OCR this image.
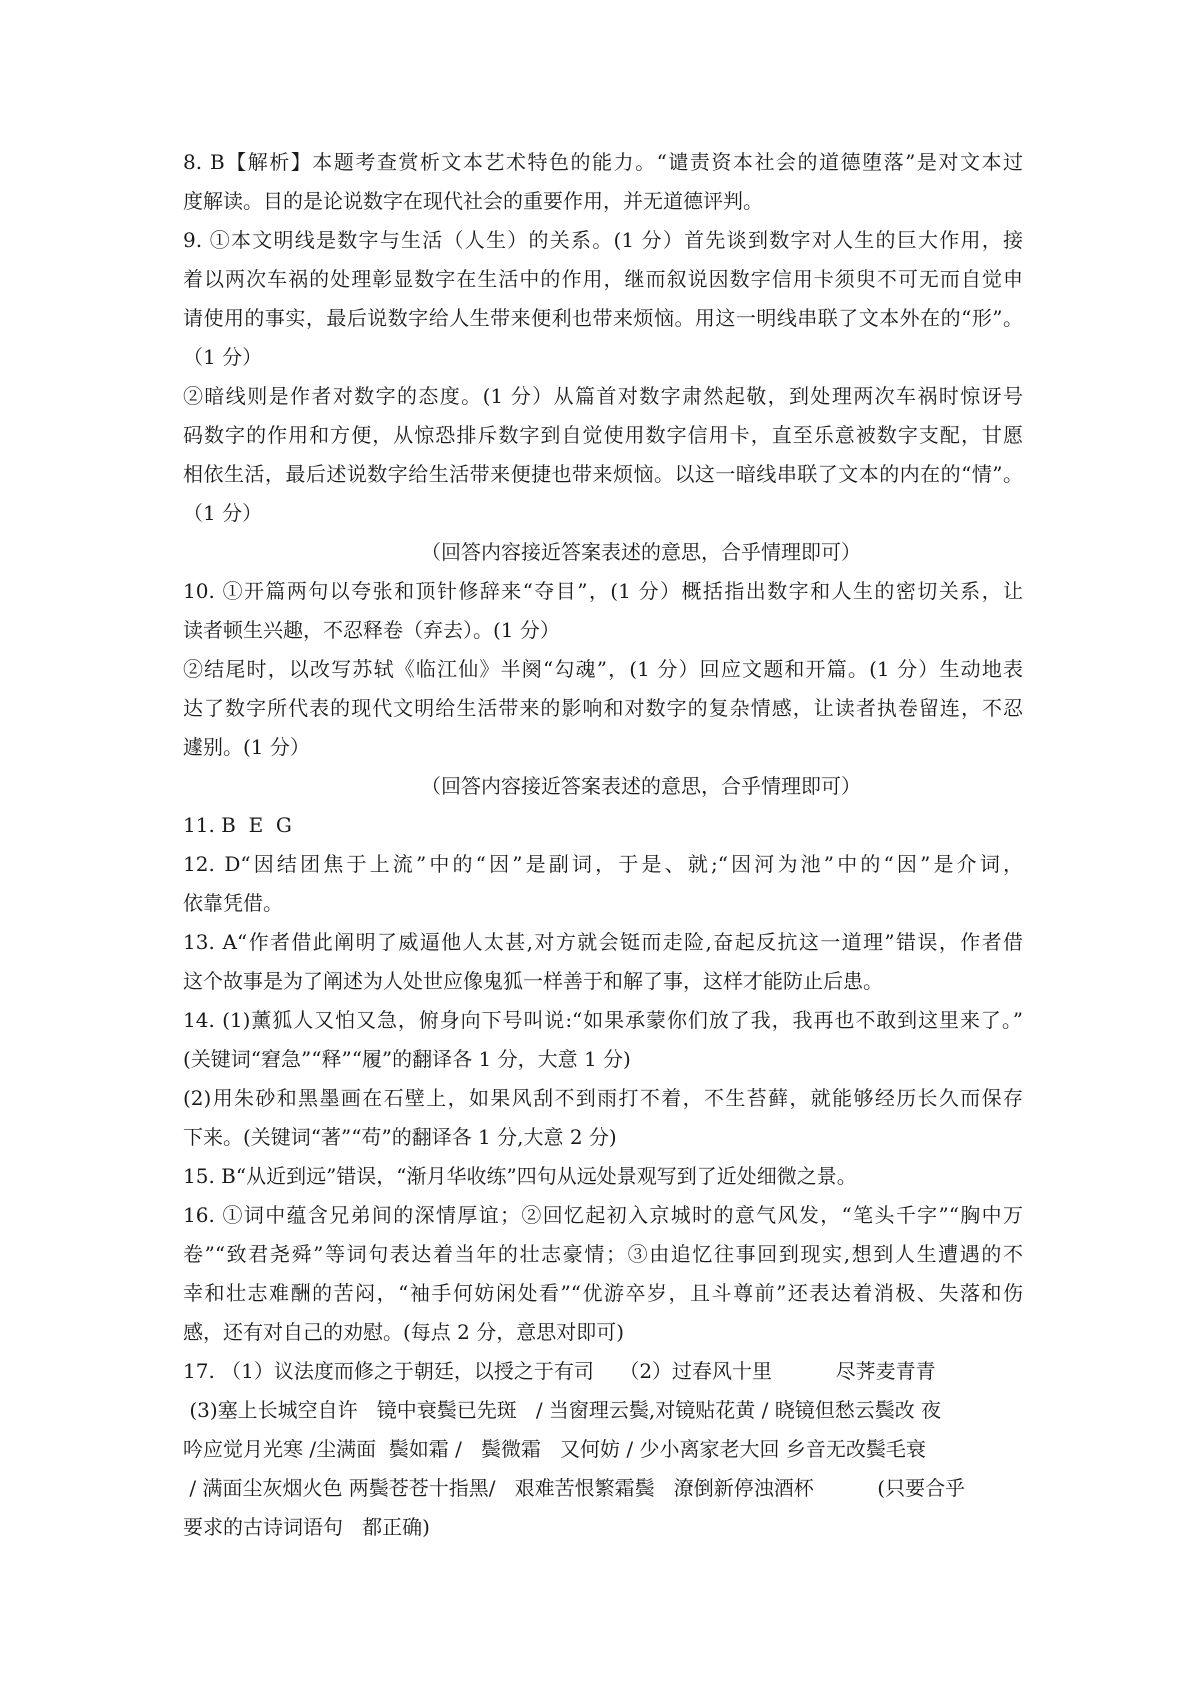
8. B【解析】本题考查赏析文本艺术特色的能力。“谴责资本社会的道德堕落”是对文本过
度解读。目的是论说数字在现代社会的重要作用，并无道德评判。
9. ①本文明线是数字与生活（人生）的关系。(1 分）首先谈到数字对人生的巨大作用，接
着以两次车祸的处理彰显数字在生活中的作用，继而叙说因数字信用卡须臾不可无而自觉申
请使用的事实，最后说数字给人生带来便利也带来烦恼。用这一明线串联了文本外在的“形”。
（1 分）
②暗线则是作者对数字的态度。(1 分）从篇首对数字肃然起敬，到处理两次车祸时惊讶号
码数字的作用和方便，从惊恐排斥数字到自觉使用数字信用卡，直至乐意被数字支配，甘愿
相依生活，最后述说数字给生活带来便捷也带来烦恼。以这一暗线串联了文本的内在的“情”。
（1 分）
（回答内容接近答案表述的意思，合乎情理即可）
10. ①开篇两句以夸张和顶针修辞来“夺目”，(1 分）概括指出数字和人生的密切关系，让
读者顿生兴趣，不忍释卷（弃去）。(1 分）
②结尾时，以改写苏轼《临江仙》半阕“勾魂”，(1 分）回应文题和开篇。(1 分）生动地表
达了数字所代表的现代文明给生活带来的影响和对数字的复杂情感，让读者执卷留连，不忍
遽别。(1 分）
（回答内容接近答案表述的意思，合乎情理即可）
11. B  E  G
12. D“因结团焦于上流”中的“因”是副词，于是、就;“因河为池”中的“因”是介词，
依靠凭借。
13. A“作者借此阐明了威逼他人太甚,对方就会铤而走险,奋起反抗这一道理”错误，作者借
这个故事是为了阐述为人处世应像鬼狐一样善于和解了事，这样才能防止后患。
14. (1)薰狐人又怕又急，俯身向下号叫说:“如果承蒙你们放了我，我再也不敢到这里来了。”
(关键词“窘急”“释”“履”的翻译各 1 分，大意 1 分)
(2)用朱砂和黑墨画在石壁上，如果风刮不到雨打不着，不生苔藓，就能够经历长久而保存
下来。(关键词“著”“苟”的翻译各 1 分,大意 2 分)
15. B“从近到远”错误，“渐月华收练”四句从远处景观写到了近处细微之景。
16. ①词中蕴含兄弟间的深情厚谊；②回忆起初入京城时的意气风发，“笔头千字”“胸中万
卷”“致君尧舜”等词句表达着当年的壮志豪情；③由追忆往事回到现实,想到人生遭遇的不
幸和壮志难酬的苦闷，“袖手何妨闲处看”“优游卒岁，且斗尊前”还表达着消极、失落和伤
感，还有对自己的劝慰。(每点 2 分，意思对即可)
17. （1）议法度而修之于朝廷，以授之于有司    （2）过春风十里          尽荠麦青青
(3)塞上长城空自许   镜中衰鬓已先斑   / 当窗理云鬓,对镜贴花黄 / 晓镜但愁云鬓改 夜
吟应觉月光寒 /尘满面  鬓如霜 /   鬓微霜   又何妨 / 少小离家老大回 乡音无改鬓毛衰
/ 满面尘灰烟火色 两鬓苍苍十指黑/   艰难苦恨繁霜鬓   潦倒新停浊酒杯          (只要合乎
要求的古诗词语句   都正确)
